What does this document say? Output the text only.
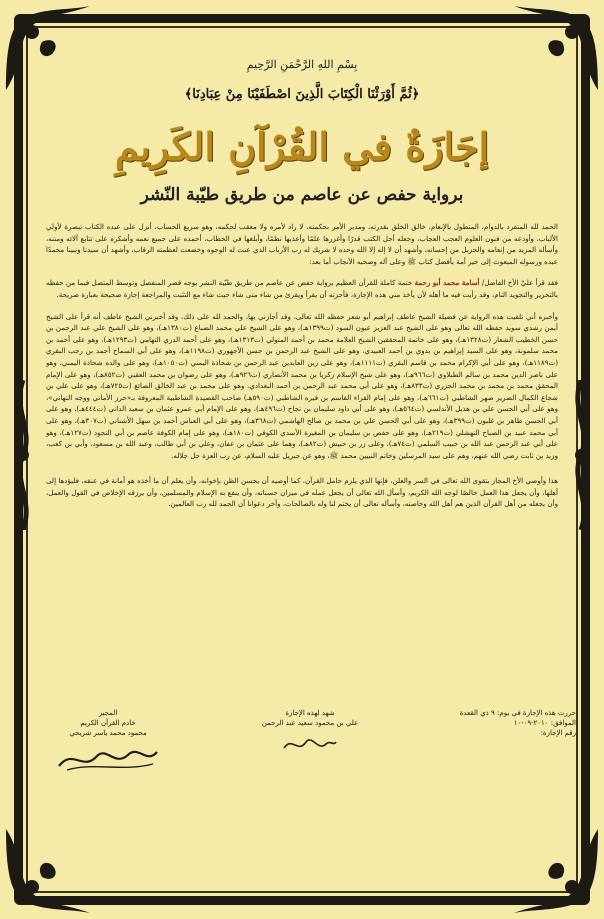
بِسْمِ اللهِ الرَّحْمَنِ الرَّحِيمِ
﴿ثُمَّ أَوْرَثْنَا الْكِتَابَ الَّذِينَ اصْطَفَيْنَا مِنْ عِبَادِنَا﴾
إجَازَةٌ في القُرْآنِ الكَرِيمِ
برواية حفص عن عاصم من طريق طيّبة النّشر

الحمد لله المتفرد بالدوام، المتطول بالإنعام، خالق الخلق بقدرته، ومدبر الأمر بحكمته، لا راد لأمره ولا معقب لحكمه، وهو سريع الحساب، أنزل على عبده الكتاب تبصرة لأولي الألباب، وأودعه من فنون العلوم العجب العجاب، وجعله أجل الكتب قدرًا وأغزرها علمًا وأعذبها نظمًا، وأبلغها في الخطاب، أحمده على جميع نعمه وأشكره على تتابع آلائه ومننه، وأسأله المزيد من إنعامه والجزيل من إحسانه، وأشهد أن لا إله إلا الله وحده لا شريك له رب الأرباب الذي عنت له الوجوه وخضعت لعظمته الرقاب، وأشهد أن سيدنا ونبينا محمدًا عبده ورسوله المبعوث إلى خير أمة بأفضل كتاب ﷺ وعلى آله وصحبه الأنجاب أما بعد:

فقد قرأ عليّ الأخ الفاضل/ أسامة محمد أبو رحمة ختمة كاملة للقرآن العظيم برواية حفص عن عاصم من طريق طيّبة النشر بوجه قصر المنفصل وتوسط المتصل فيما من حفظه بالتحرير والتجويد التام، وقد رأيت فيه ما أهله لأن يأخذ مني هذه الإجازة، فأجزته أن يقرأ ويقرئ من شاء متى شاء حيث شاء مع التثبت والمراجعة إجازة صحيحة بعبارة صريحة.

وأخبره أني تلقيت هذه الرواية عن فضيلة الشيخ عاطف إبراهيم أبو شعر حفظه الله تعالى، وقد أجازني بها، والحمد لله على ذلك، وقد أخبرني الشيخ عاطف أنه قرأ على الشيخ أيمن رشدي سويد حفظه الله تعالى وهو على الشيخ عبد العزيز عيون السود (ت١٣٩٩هـ)، وهو على الشيخ علي محمد الضباع (ت١٣٨٠هـ)، وهو على الشيخ علي عبد الرحمن بن حسن الخطيب الشعار (ت١٣٢٨هـ)، وهو على خاتمة المحققين الشيخ العلامة محمد بن أحمد المتولي (ت١٣١٣هـ)، وهو على أحمد الدري التهامي (ت١٢٩٣هـ)، وهو على أحمد بن محمد سلمونة، وهو على السيد إبراهيم بن بدوي بن أحمد العبيدي، وهو على الشيخ عبد الرحمن بن حسن الأجهوري (ت١١٩٨هـ)، وهو على أبي السماح أحمد بن رجب البقري (ت١١٨٩هـ)، وهو على أبي الإكرام محمد بن قاسم البقري (ت١١١١هـ)، وهو على زين العابدين عبد الرحمن بن شحاذة اليمني (ت١٠٥٠هـ)، وهو على والده شحاذة اليمني، وهو على ناصر الدين محمد بن سالم الطبلاوي (ت٩٦٦هـ)، وهو على شيخ الإسلام زكريا بن محمد الأنصاري (ت٩٢٦هـ)، وهو على رضوان بن محمد العقبي (ت٨٥٢هـ)، وهو على الإمام المحقق محمد بن محمد بن محمد الجزري (ت٨٣٣هـ)، وهو على أبي محمد عبد الرحمن بن أحمد البغدادي، وهو على محمد بن عبد الخالق الصائغ (ت٧٢٥هـ)، وهو على علي بن شجاع الكمال الضرير صهر الشاطبي (ت٦٦١هـ)، وهو على إمام القراء القاسم بن فيره الشاطبي (ت٥٩٠هـ) صاحب القصيدة الشاطبية المعروفة بـ«حرز الأماني ووجه التهاني»، وهو على أبي الحسن علي بن هذيل الأندلسي (ت٥٦٤هـ)، وهو على أبي داود سليمان بن نجاح (ت٤٩٦هـ)، وهو على الإمام أبي عمرو عثمان بن سعيد الداني (ت٤٤٤هـ)، وهو على أبي الحسن طاهر بن غلبون (ت٣٩٩هـ)، وهو على أبي الحسن علي بن محمد بن صالح الهاشمي (ت٣٦٨هـ)، وهو على أبي العباس أحمد بن سهل الأشناني (ت٣٠٧هـ)، وهو على أبي محمد عبيد بن الصباح النهشلي (ت٢١٩هـ)، وهو على حفص بن سليمان بن المغيرة الأسدي الكوفي (ت١٨٠هـ)، وهو على إمام الكوفة عاصم بن أبي النجود (ت١٢٧هـ)، وهو على أبي عبد الرحمن عبد الله بن حبيب السلمي (ت٧٤هـ)، وعلى زر بن حبيش (ت٨٢هـ)، وهما على عثمان بن عفان، وعلي بن أبي طالب، وعبد الله بن مسعود، وأبي بن كعب، وزيد بن ثابت رضي الله عنهم، وهم على سيد المرسلين وخاتم النبيين محمد ﷺ، وهو عن جبريل عليه السلام، عن رب العزة جل جلاله.

هذا وأوصي الأخ المجاز بتقوى الله تعالى في السر والعلن، فإنها الذي يلزم حامل القرآن، كما أوصيه أن يحسن الظن بإخوانه، وأن يعلم أن ما أخذه هو أمانة في عنقه، فليؤدها إلى أهلها، وأن يجعل هذا العمل خالصًا لوجه الله الكريم، وأسأل الله تعالى أن يجعل عمله في ميزان حسناته، وأن ينفع به الإسلام والمسلمين، وأن يرزقه الإخلاص في القول والعمل، وأن يجعله من أهل القرآن الذين هم أهل الله وخاصته، وأسأله تعالى أن يختم لنا وله بالصالحات، وآخر دعوانا أن الحمد لله رب العالمين.

حررت هذه الإجازة في يوم: ٩ ذي القعدة
الموافق: ٢٠١٠-٠٩-١٠
رقم الإجازة:
شهد لهذه الإجازة
علي بن محمود سعيد عبد الرحمن
المجيز
خادم القرآن الكريم
محمود محمد ياسر شريحي
